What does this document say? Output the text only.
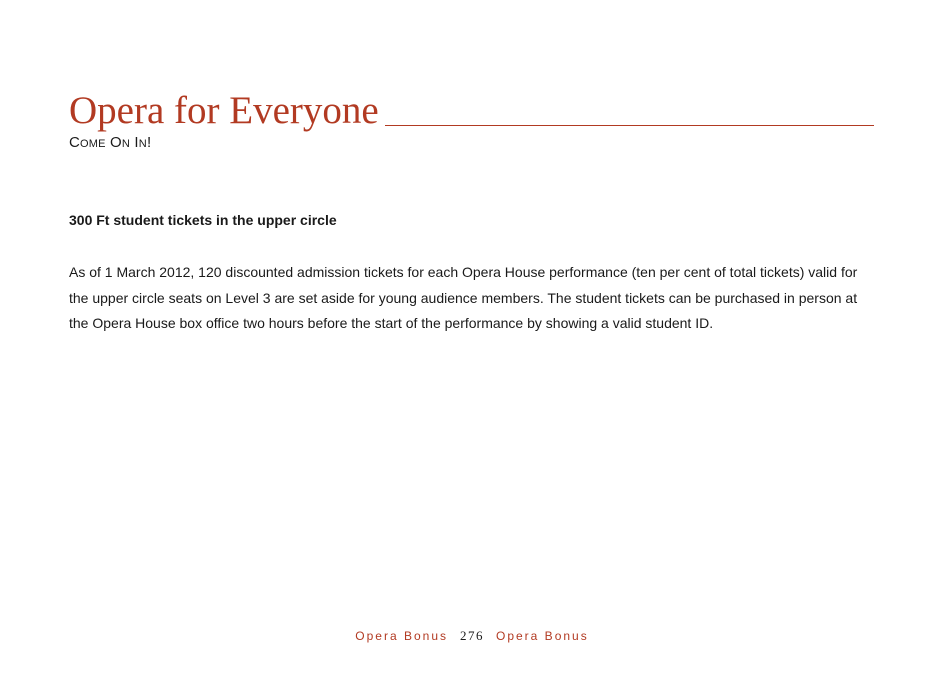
Opera for Everyone
Come On In!
300 Ft student tickets in the upper circle
As of 1 March 2012, 120 discounted admission tickets for each Opera House performance (ten per cent of total tickets) valid for the upper circle seats on Level 3 are set aside for young audience members. The student tickets can be purchased in person at the Opera House box office two hours before the start of the performance by showing a valid student ID.
Opera Bonus 276 Opera Bonus
